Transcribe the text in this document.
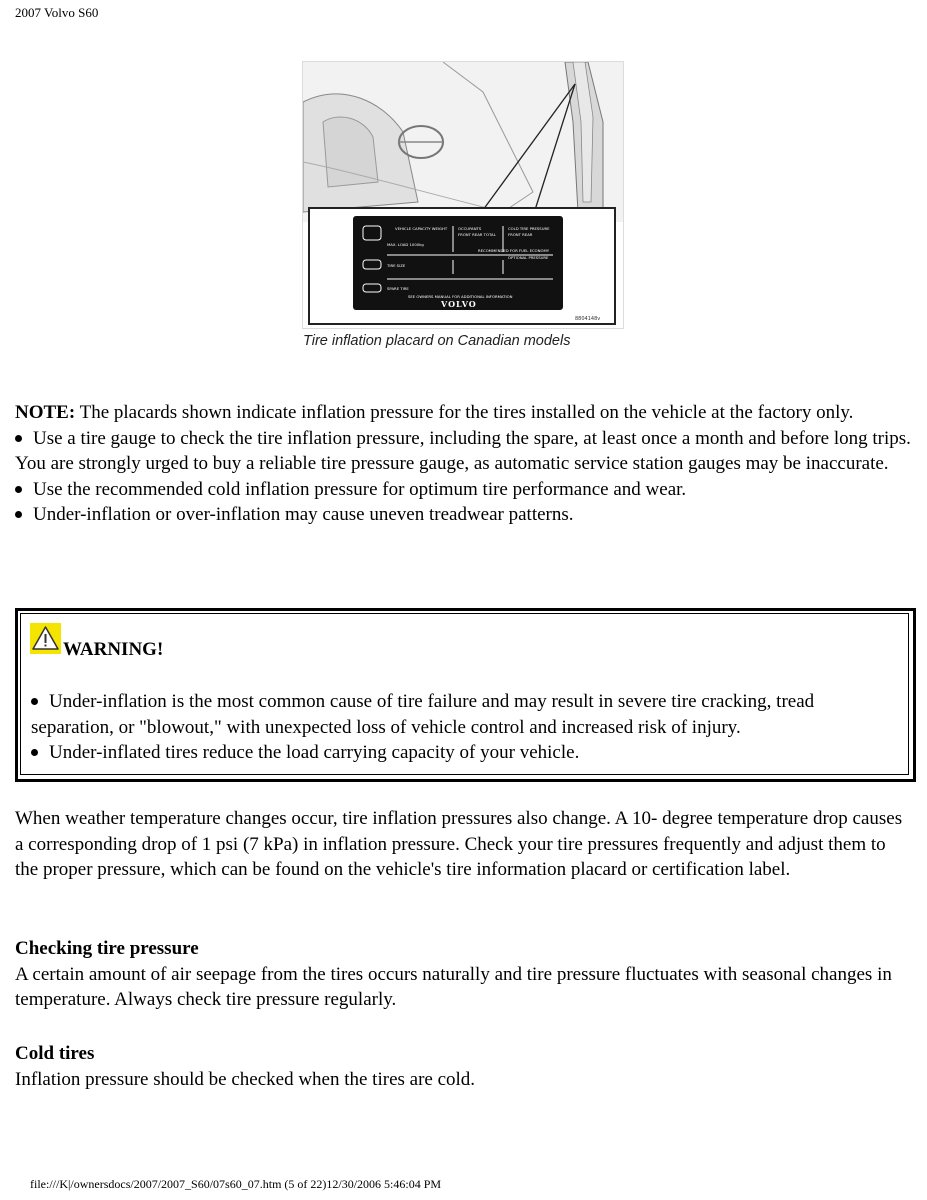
2007 Volvo S60
VEHICLE CAPACITY WEIGHT	OCCUPANTS
FRONT REAR TOTAL
COLD TIRE PRESSURE
FRONT REAR
MAX. LOAD 1000kg
RECOMMENDED FOR FUEL ECONOMY
OPTIONAL PRESSURE
TIRE SIZE
SPARE TIRE
SEE OWNERS MANUAL FOR ADDITIONAL INFORMATION
VOLVO
8804148v
Tire inflation placard on Canadian models

NOTE: The placards shown indicate inflation pressure for the tires installed on the vehicle at the factory only.

Use a tire gauge to check the tire inflation pressure, including the spare, at least once a month and before long trips. You are strongly urged to buy a reliable tire pressure gauge, as automatic service station gauges may be inaccurate.

Use the recommended cold inflation pressure for optimum tire performance and wear.

Under-inflation or over-inflation may cause uneven treadwear patterns.

WARNING!

Under-inflation is the most common cause of tire failure and may result in severe tire cracking, tread separation, or "blowout," with unexpected loss of vehicle control and increased risk of injury.

Under-inflated tires reduce the load carrying capacity of your vehicle.

When weather temperature changes occur, tire inflation pressures also change. A 10- degree temperature drop causes a corresponding drop of 1 psi (7 kPa) in inflation pressure. Check your tire pressures frequently and adjust them to the proper pressure, which can be found on the vehicle's tire information placard or certification label.

Checking tire pressure

A certain amount of air seepage from the tires occurs naturally and tire pressure fluctuates with seasonal changes in temperature. Always check tire pressure regularly.

Cold tires

Inflation pressure should be checked when the tires are cold.

file:///K|/ownersdocs/2007/2007_S60/07s60_07.htm (5 of 22)12/30/2006 5:46:04 PM
